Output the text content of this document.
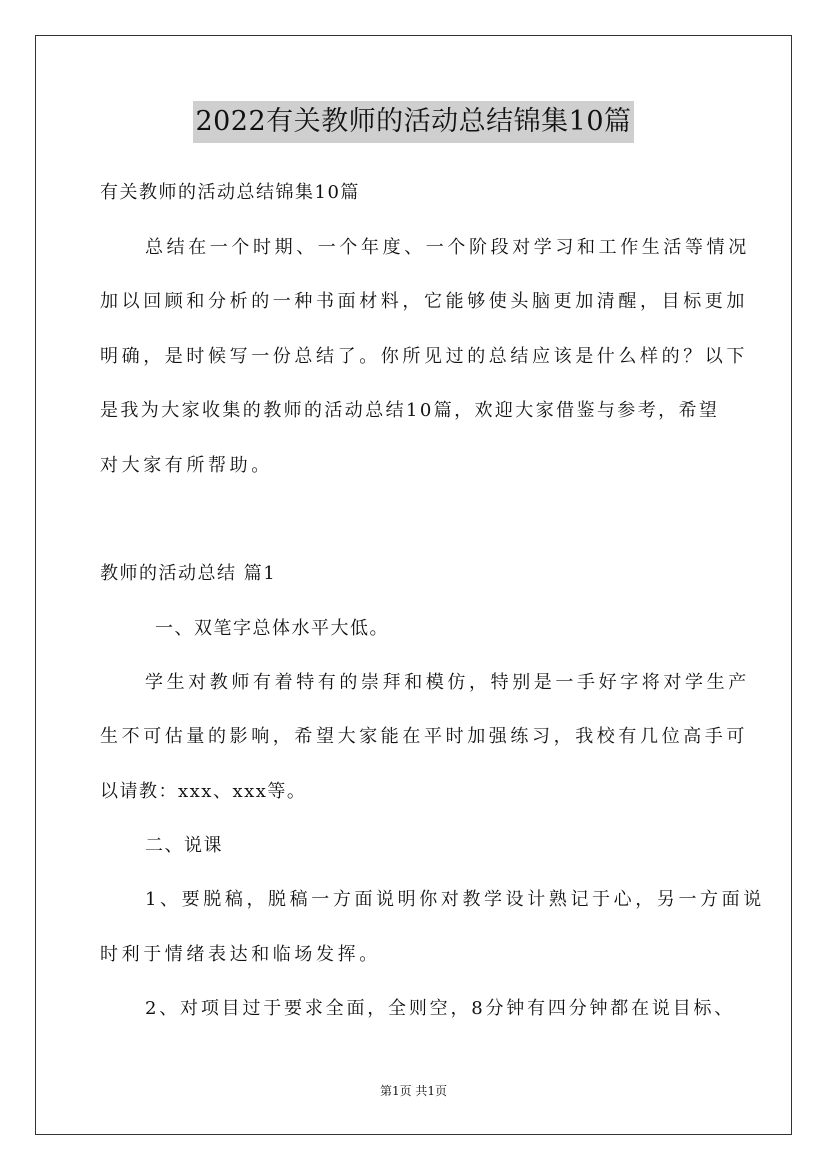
2022有关教师的活动总结锦集10篇

有关教师的活动总结锦集10篇

总结在一个时期、一个年度、一个阶段对学习和工作生活等情况

加以回顾和分析的一种书面材料，它能够使头脑更加清醒，目标更加

明确，是时候写一份总结了。你所见过的总结应该是什么样的？以下

是我为大家收集的教师的活动总结10篇，欢迎大家借鉴与参考，希望

对大家有所帮助。

教师的活动总结 篇1

一、双笔字总体水平大低。

学生对教师有着特有的崇拜和模仿，特别是一手好字将对学生产

生不可估量的影响，希望大家能在平时加强练习，我校有几位高手可

以请教：xxx、xxx等。

二、说课

1、要脱稿，脱稿一方面说明你对教学设计熟记于心，另一方面说

时利于情绪表达和临场发挥。

2、对项目过于要求全面，全则空，8分钟有四分钟都在说目标、

第1页 共1页
